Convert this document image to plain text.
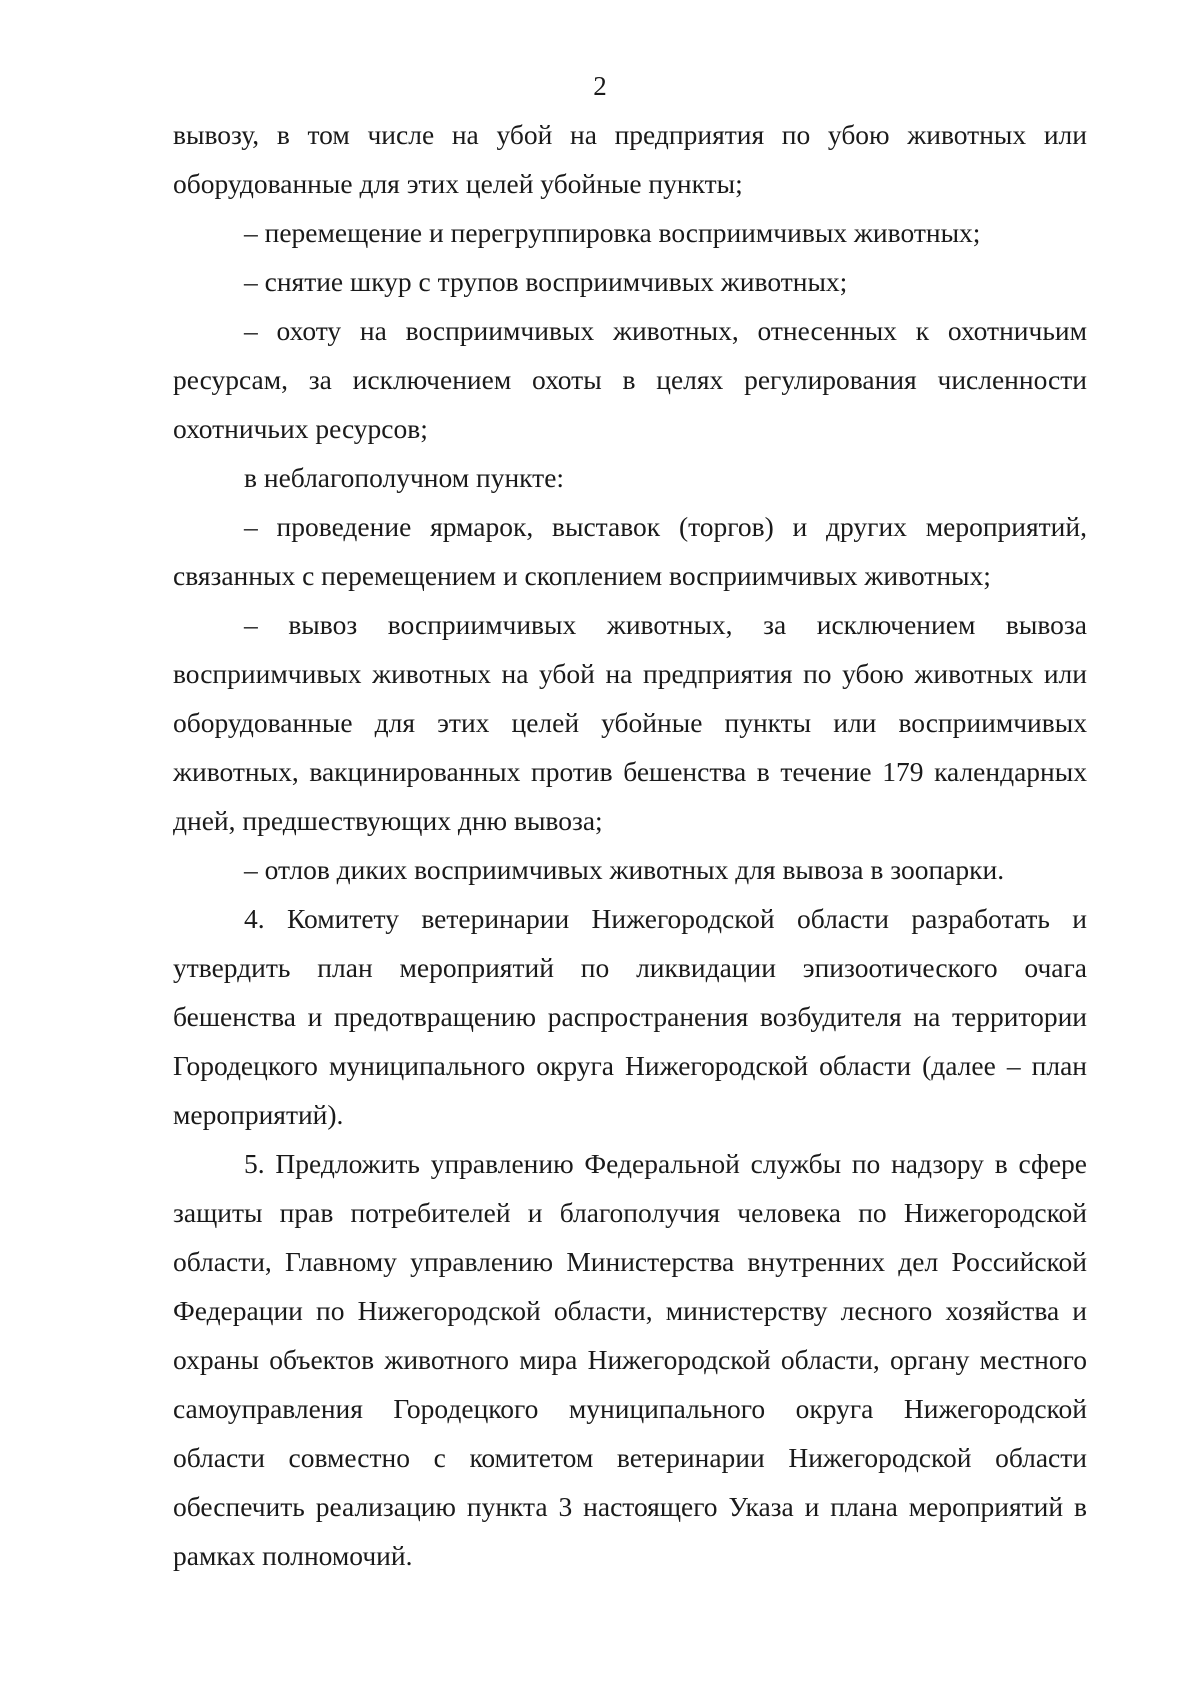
2

вывозу, в том числе на убой на предприятия по убою животных или оборудованные для этих целей убойные пункты;

– перемещение и перегруппировка восприимчивых животных;

– снятие шкур с трупов восприимчивых животных;

– охоту на восприимчивых животных, отнесенных к охотничьим ресурсам, за исключением охоты в целях регулирования численности охотничьих ресурсов;

в неблагополучном пункте:

– проведение ярмарок, выставок (торгов) и других мероприятий, связанных с перемещением и скоплением восприимчивых животных;

– вывоз восприимчивых животных, за исключением вывоза восприимчивых животных на убой на предприятия по убою животных или оборудованные для этих целей убойные пункты или восприимчивых животных, вакцинированных против бешенства в течение 179 календарных дней, предшествующих дню вывоза;

– отлов диких восприимчивых животных для вывоза в зоопарки.

4. Комитету ветеринарии Нижегородской области разработать и утвердить план мероприятий по ликвидации эпизоотического очага бешенства и предотвращению распространения возбудителя на территории Городецкого муниципального округа Нижегородской области (далее – план мероприятий).

5. Предложить управлению Федеральной службы по надзору в сфере защиты прав потребителей и благополучия человека по Нижегородской области, Главному управлению Министерства внутренних дел Российской Федерации по Нижегородской области, министерству лесного хозяйства и охраны объектов животного мира Нижегородской области, органу местного самоуправления Городецкого муниципального округа Нижегородской области совместно с комитетом ветеринарии Нижегородской области обеспечить реализацию пункта 3 настоящего Указа и плана мероприятий в рамках полномочий.
